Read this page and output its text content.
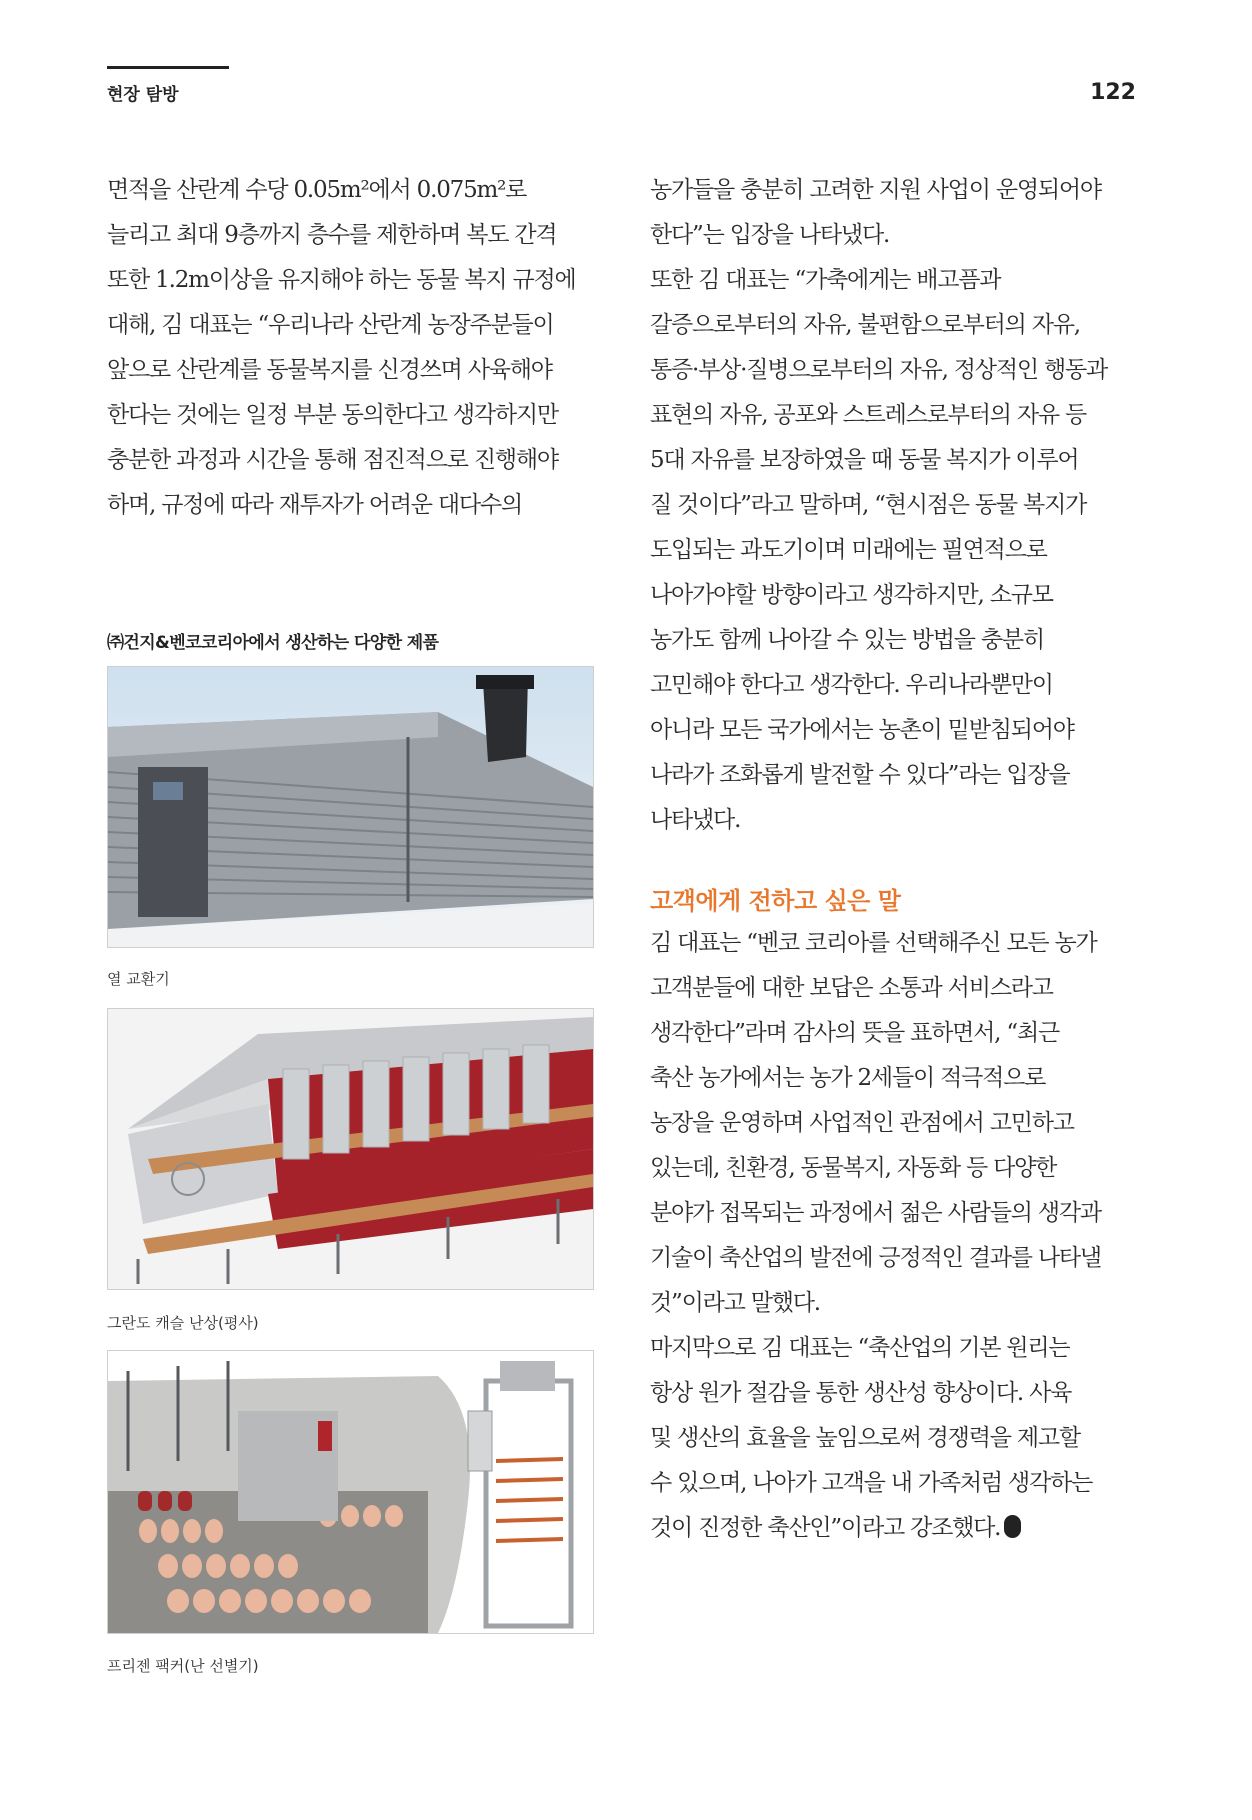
현장 탐방	122

면적을 산란계 수당 0.05m²에서 0.075m²로

늘리고 최대 9층까지 층수를 제한하며 복도 간격

또한 1.2m이상을 유지해야 하는 동물 복지 규정에

대해, 김 대표는 “우리나라 산란계 농장주분들이

앞으로 산란계를 동물복지를 신경쓰며 사육해야

한다는 것에는 일정 부분 동의한다고 생각하지만

충분한 과정과 시간을 통해 점진적으로 진행해야

하며, 규정에 따라 재투자가 어려운 대다수의

㈜건지&벤코코리아에서 생산하는 다양한 제품
열 교환기
그란도 캐슬 난상(평사)
프리젠 팩커(난 선별기)

농가들을 충분히 고려한 지원 사업이 운영되어야

한다”는 입장을 나타냈다.

또한 김 대표는 “가축에게는 배고픔과

갈증으로부터의 자유, 불편함으로부터의 자유,

통증·부상·질병으로부터의 자유, 정상적인 행동과

표현의 자유, 공포와 스트레스로부터의 자유 등

5대 자유를 보장하였을 때 동물 복지가 이루어

질 것이다”라고 말하며, “현시점은 동물 복지가

도입되는 과도기이며 미래에는 필연적으로

나아가야할 방향이라고 생각하지만, 소규모

농가도 함께 나아갈 수 있는 방법을 충분히

고민해야 한다고 생각한다. 우리나라뿐만이

아니라 모든 국가에서는 농촌이 밑받침되어야

나라가 조화롭게 발전할 수 있다”라는 입장을

나타냈다.

고객에게 전하고 싶은 말

김 대표는 “벤코 코리아를 선택해주신 모든 농가

고객분들에 대한 보답은 소통과 서비스라고

생각한다”라며 감사의 뜻을 표하면서, “최근

축산 농가에서는 농가 2세들이 적극적으로

농장을 운영하며 사업적인 관점에서 고민하고

있는데, 친환경, 동물복지, 자동화 등 다양한

분야가 접목되는 과정에서 젊은 사람들의 생각과

기술이 축산업의 발전에 긍정적인 결과를 나타낼

것”이라고 말했다.

마지막으로 김 대표는 “축산업의 기본 원리는

항상 원가 절감을 통한 생산성 향상이다. 사육

및 생산의 효율을 높임으로써 경쟁력을 제고할

수 있으며, 나아가 고객을 내 가족처럼 생각하는

것이 진정한 축산인”이라고 강조했다.
